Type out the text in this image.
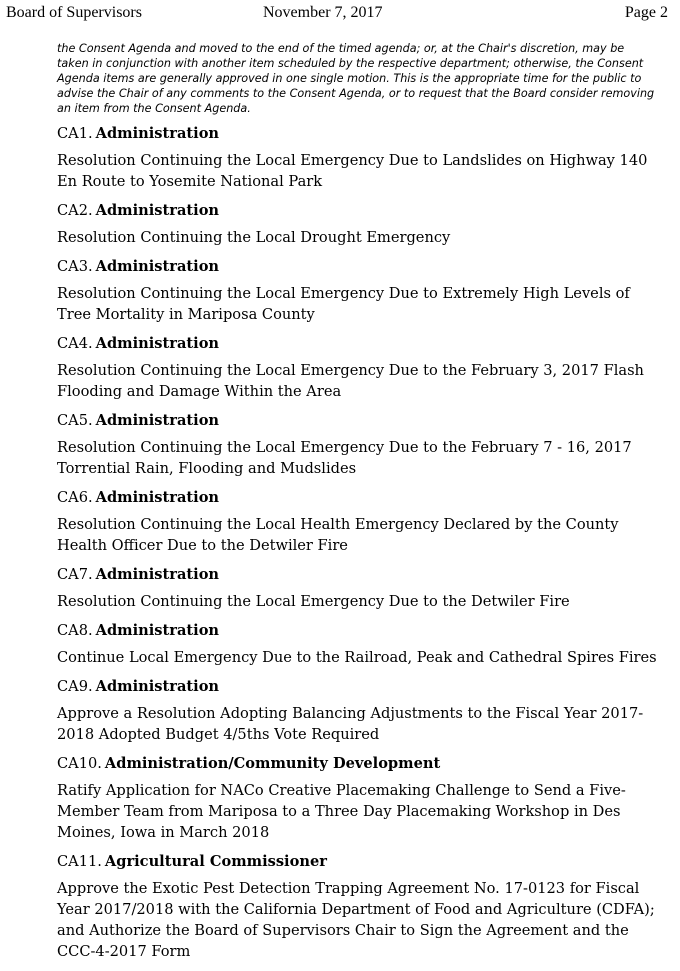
Board of Supervisors	November 7, 2017	Page 2

the Consent Agenda and moved to the end of the timed agenda; or, at the Chair's discretion, may be taken in conjunction with another item scheduled by the respective department; otherwise, the Consent Agenda items are generally approved in one single motion. This is the appropriate time for the public to advise the Chair of any comments to the Consent Agenda, or to request that the Board consider removing an item from the Consent Agenda.

CA1. Administration

Resolution Continuing the Local Emergency Due to Landslides on Highway 140 En Route to Yosemite National Park

CA2. Administration

Resolution Continuing the Local Drought Emergency

CA3. Administration

Resolution Continuing the Local Emergency Due to Extremely High Levels of Tree Mortality in Mariposa County

CA4. Administration

Resolution Continuing the Local Emergency Due to the February 3, 2017 Flash Flooding and Damage Within the Area

CA5. Administration

Resolution Continuing the Local Emergency Due to the February 7 - 16, 2017 Torrential Rain, Flooding and Mudslides

CA6. Administration

Resolution Continuing the Local Health Emergency Declared by the County Health Officer Due to the Detwiler Fire

CA7. Administration

Resolution Continuing the Local Emergency Due to the Detwiler Fire

CA8. Administration

Continue Local Emergency Due to the Railroad, Peak and Cathedral Spires Fires

CA9. Administration

Approve a Resolution Adopting Balancing Adjustments to the Fiscal Year 2017-2018 Adopted Budget 4/5ths Vote Required

CA10. Administration/Community Development

Ratify Application for NACo Creative Placemaking Challenge to Send a Five-Member Team from Mariposa to a Three Day Placemaking Workshop in Des Moines, Iowa in March 2018

CA11. Agricultural Commissioner

Approve the Exotic Pest Detection Trapping Agreement No. 17-0123 for Fiscal Year 2017/2018 with the California Department of Food and Agriculture (CDFA); and Authorize the Board of Supervisors Chair to Sign the Agreement and the CCC-4-2017 Form
